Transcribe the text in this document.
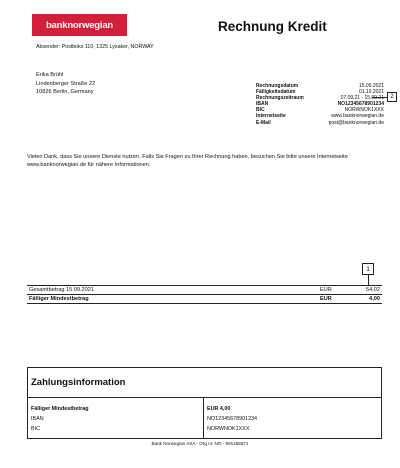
banknorwegian	Rechnung Kredit
Absender: Postboks 110, 1325 Lysaker, NORWAY
Erika Brühl
Lindenberger Straße 22
10826 Berlin, Germany
Rechnungsdatum	15.09.2021
Fälligkeitsdatum	01.10.2021
Rechnungszeitraum	07.09.21 - 15.09.21
IBAN	NO12345678901234
BIC	NORWNOK1XXX
Internetseite	www.banknorwegian.de
E-Mail	post@banknorwegian.de
2
Vielen Dank, dass Sie unsere Dienste nutzen. Falls Sie Fragen zu Ihrer Rechnung haben, besuchen Sie bitte unsere Internetseite www.banknorwegian.de für nähere Informationen.
1
Gesamtbetrag 15.09.2021	EUR	54,02
Fälliger Mindestbetrag	EUR	4,00
Zahlungsinformation
Fälliger Mindestbetrag	EUR 4,00
IBAN	NO12345678901234
BIC	NORWNOK1XXX
Bank Norwegian ASA - Org nr. NO - 991455671
